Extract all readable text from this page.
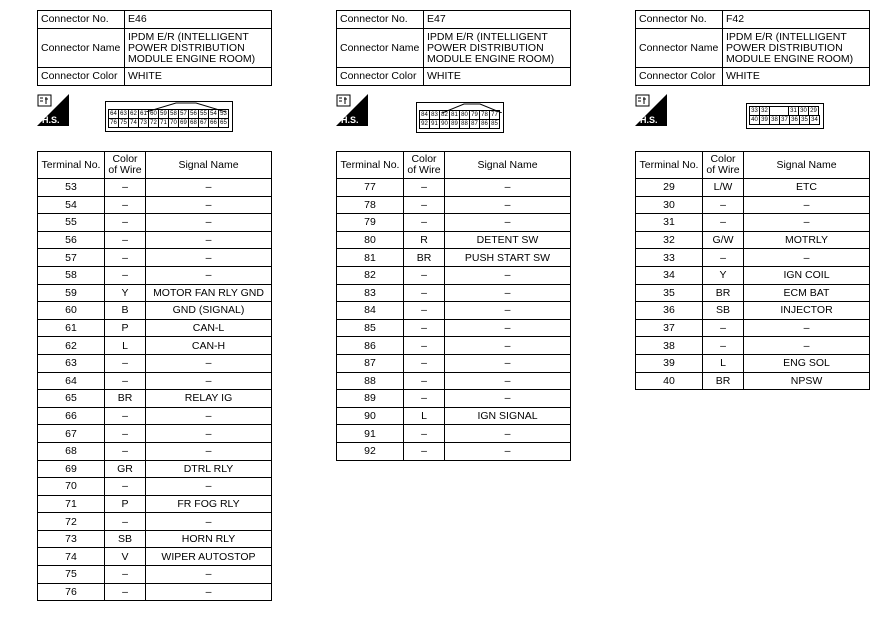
Connector No.	E46
Connector Name	IPDM E/R (INTELLIGENT POWER DISTRIBUTION MODULE ENGINE ROOM)
Connector Color	WHITE
Connector No.	E47
Connector Name	IPDM E/R (INTELLIGENT POWER DISTRIBUTION MODULE ENGINE ROOM)
Connector Color	WHITE
Connector No.	F42
Connector Name	IPDM E/R (INTELLIGENT POWER DISTRIBUTION MODULE ENGINE ROOM)
Connector Color	WHITE
H.S.	H.S.	H.S.
64 63 62 61 60 59 58 57 56 55 54 53
76 75 74 73 72 71 70 69 68 67 66 65
84 83 82 81 80 79 78 77
92 91 90 89 88 87 86 85
33 32	31 30 29
40 39 38 37 36 35 34
Terminal No.	Color of Wire	Signal Name
53	–	–
54	–	–
55	–	–
56	–	–
57	–	–
58	–	–
59	Y	MOTOR FAN RLY GND
60	B	GND (SIGNAL)
61	P	CAN-L
62	L	CAN-H
63	–	–
64	–	–
65	BR	RELAY IG
66	–	–
67	–	–
68	–	–
69	GR	DTRL RLY
70	–	–
71	P	FR FOG RLY
72	–	–
73	SB	HORN RLY
74	V	WIPER AUTOSTOP
75	–	–
76	–	–
Terminal No.	Color of Wire	Signal Name
77	–	–
78	–	–
79	–	–
80	R	DETENT SW
81	BR	PUSH START SW
82	–	–
83	–	–
84	–	–
85	–	–
86	–	–
87	–	–
88	–	–
89	–	–
90	L	IGN SIGNAL
91	–	–
92	–	–
Terminal No.	Color of Wire	Signal Name
29	L/W	ETC
30	–	–
31	–	–
32	G/W	MOTRLY
33	–	–
34	Y	IGN COIL
35	BR	ECM BAT
36	SB	INJECTOR
37	–	–
38	–	–
39	L	ENG SOL
40	BR	NPSW
